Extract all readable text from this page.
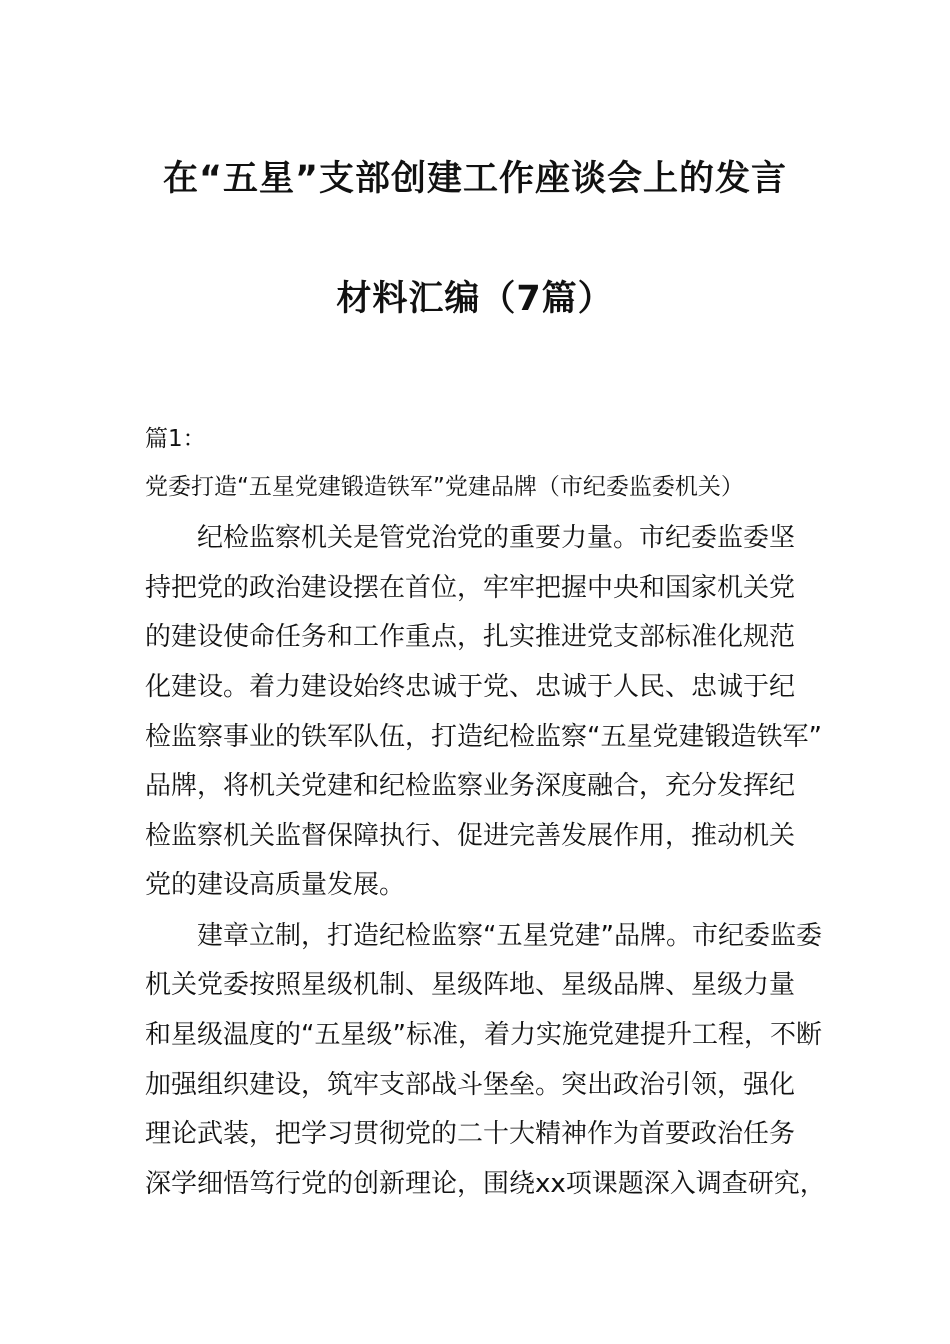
在“五星”支部创建工作座谈会上的发言
材料汇编（7篇）
篇1：
党委打造“五星党建锻造铁军”党建品牌（市纪委监委机关）
纪检监察机关是管党治党的重要力量。市纪委监委坚
持把党的政治建设摆在首位，牢牢把握中央和国家机关党
的建设使命任务和工作重点，扎实推进党支部标准化规范
化建设。着力建设始终忠诚于党、忠诚于人民、忠诚于纪
检监察事业的铁军队伍，打造纪检监察“五星党建锻造铁军”
品牌，将机关党建和纪检监察业务深度融合，充分发挥纪
检监察机关监督保障执行、促进完善发展作用，推动机关
党的建设高质量发展。
建章立制，打造纪检监察“五星党建”品牌。市纪委监委
机关党委按照星级机制、星级阵地、星级品牌、星级力量
和星级温度的“五星级”标准，着力实施党建提升工程，不断
加强组织建设，筑牢支部战斗堡垒。突出政治引领，强化
理论武装，把学习贯彻党的二十大精神作为首要政治任务
深学细悟笃行党的创新理论，围绕xx项课题深入调查研究，
